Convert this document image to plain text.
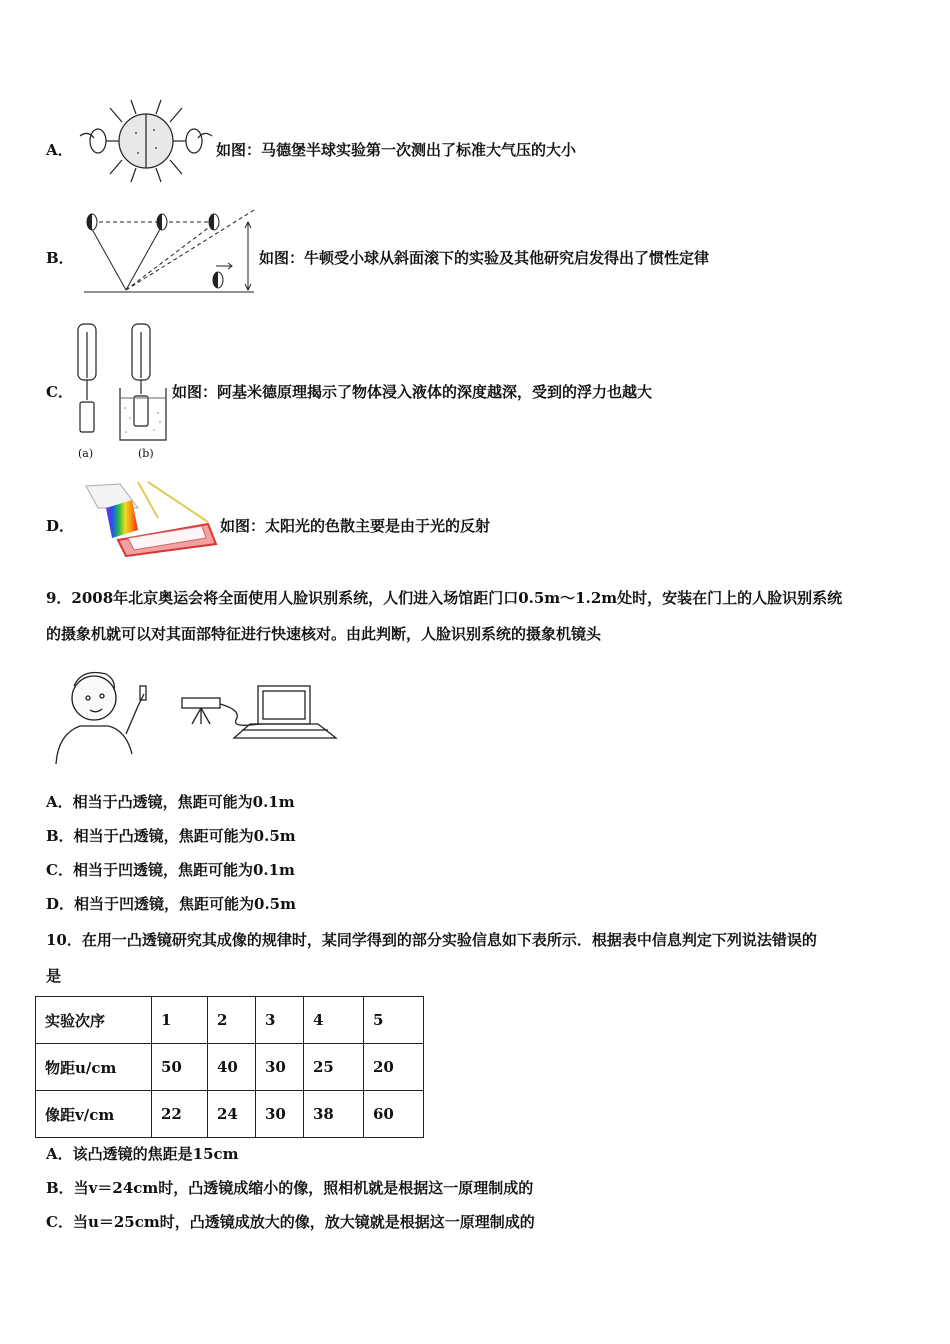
A．	如图：马德堡半球实验第一次测出了标准大气压的大小
B．	如图：牛顿受小球从斜面滚下的实验及其他研究启发得出了惯性定律
C．
(a)	(b)
如图：阿基米德原理揭示了物体浸入液体的深度越深，受到的浮力也越大
D．	如图：太阳光的色散主要是由于光的反射
9．2008年北京奥运会将全面使用人脸识别系统，人们进入场馆距门口0.5m～1.2m处时，安装在门上的人脸识别系统
的摄象机就可以对其面部特征进行快速核对。由此判断，人脸识别系统的摄象机镜头
A．相当于凸透镜，焦距可能为0.1m
B．相当于凸透镜，焦距可能为0.5m
C．相当于凹透镜，焦距可能为0.1m
D．相当于凹透镜，焦距可能为0.5m
10．在用一凸透镜研究其成像的规律时，某同学得到的部分实验信息如下表所示．根据表中信息判定下列说法错误的
是
实验次序	1	2	3	4	5
物距u/cm	50	40	30	25	20
像距v/cm	22	24	30	38	60
A．该凸透镜的焦距是15cm
B．当v＝24cm时，凸透镜成缩小的像，照相机就是根据这一原理制成的
C．当u＝25cm时，凸透镜成放大的像，放大镜就是根据这一原理制成的
